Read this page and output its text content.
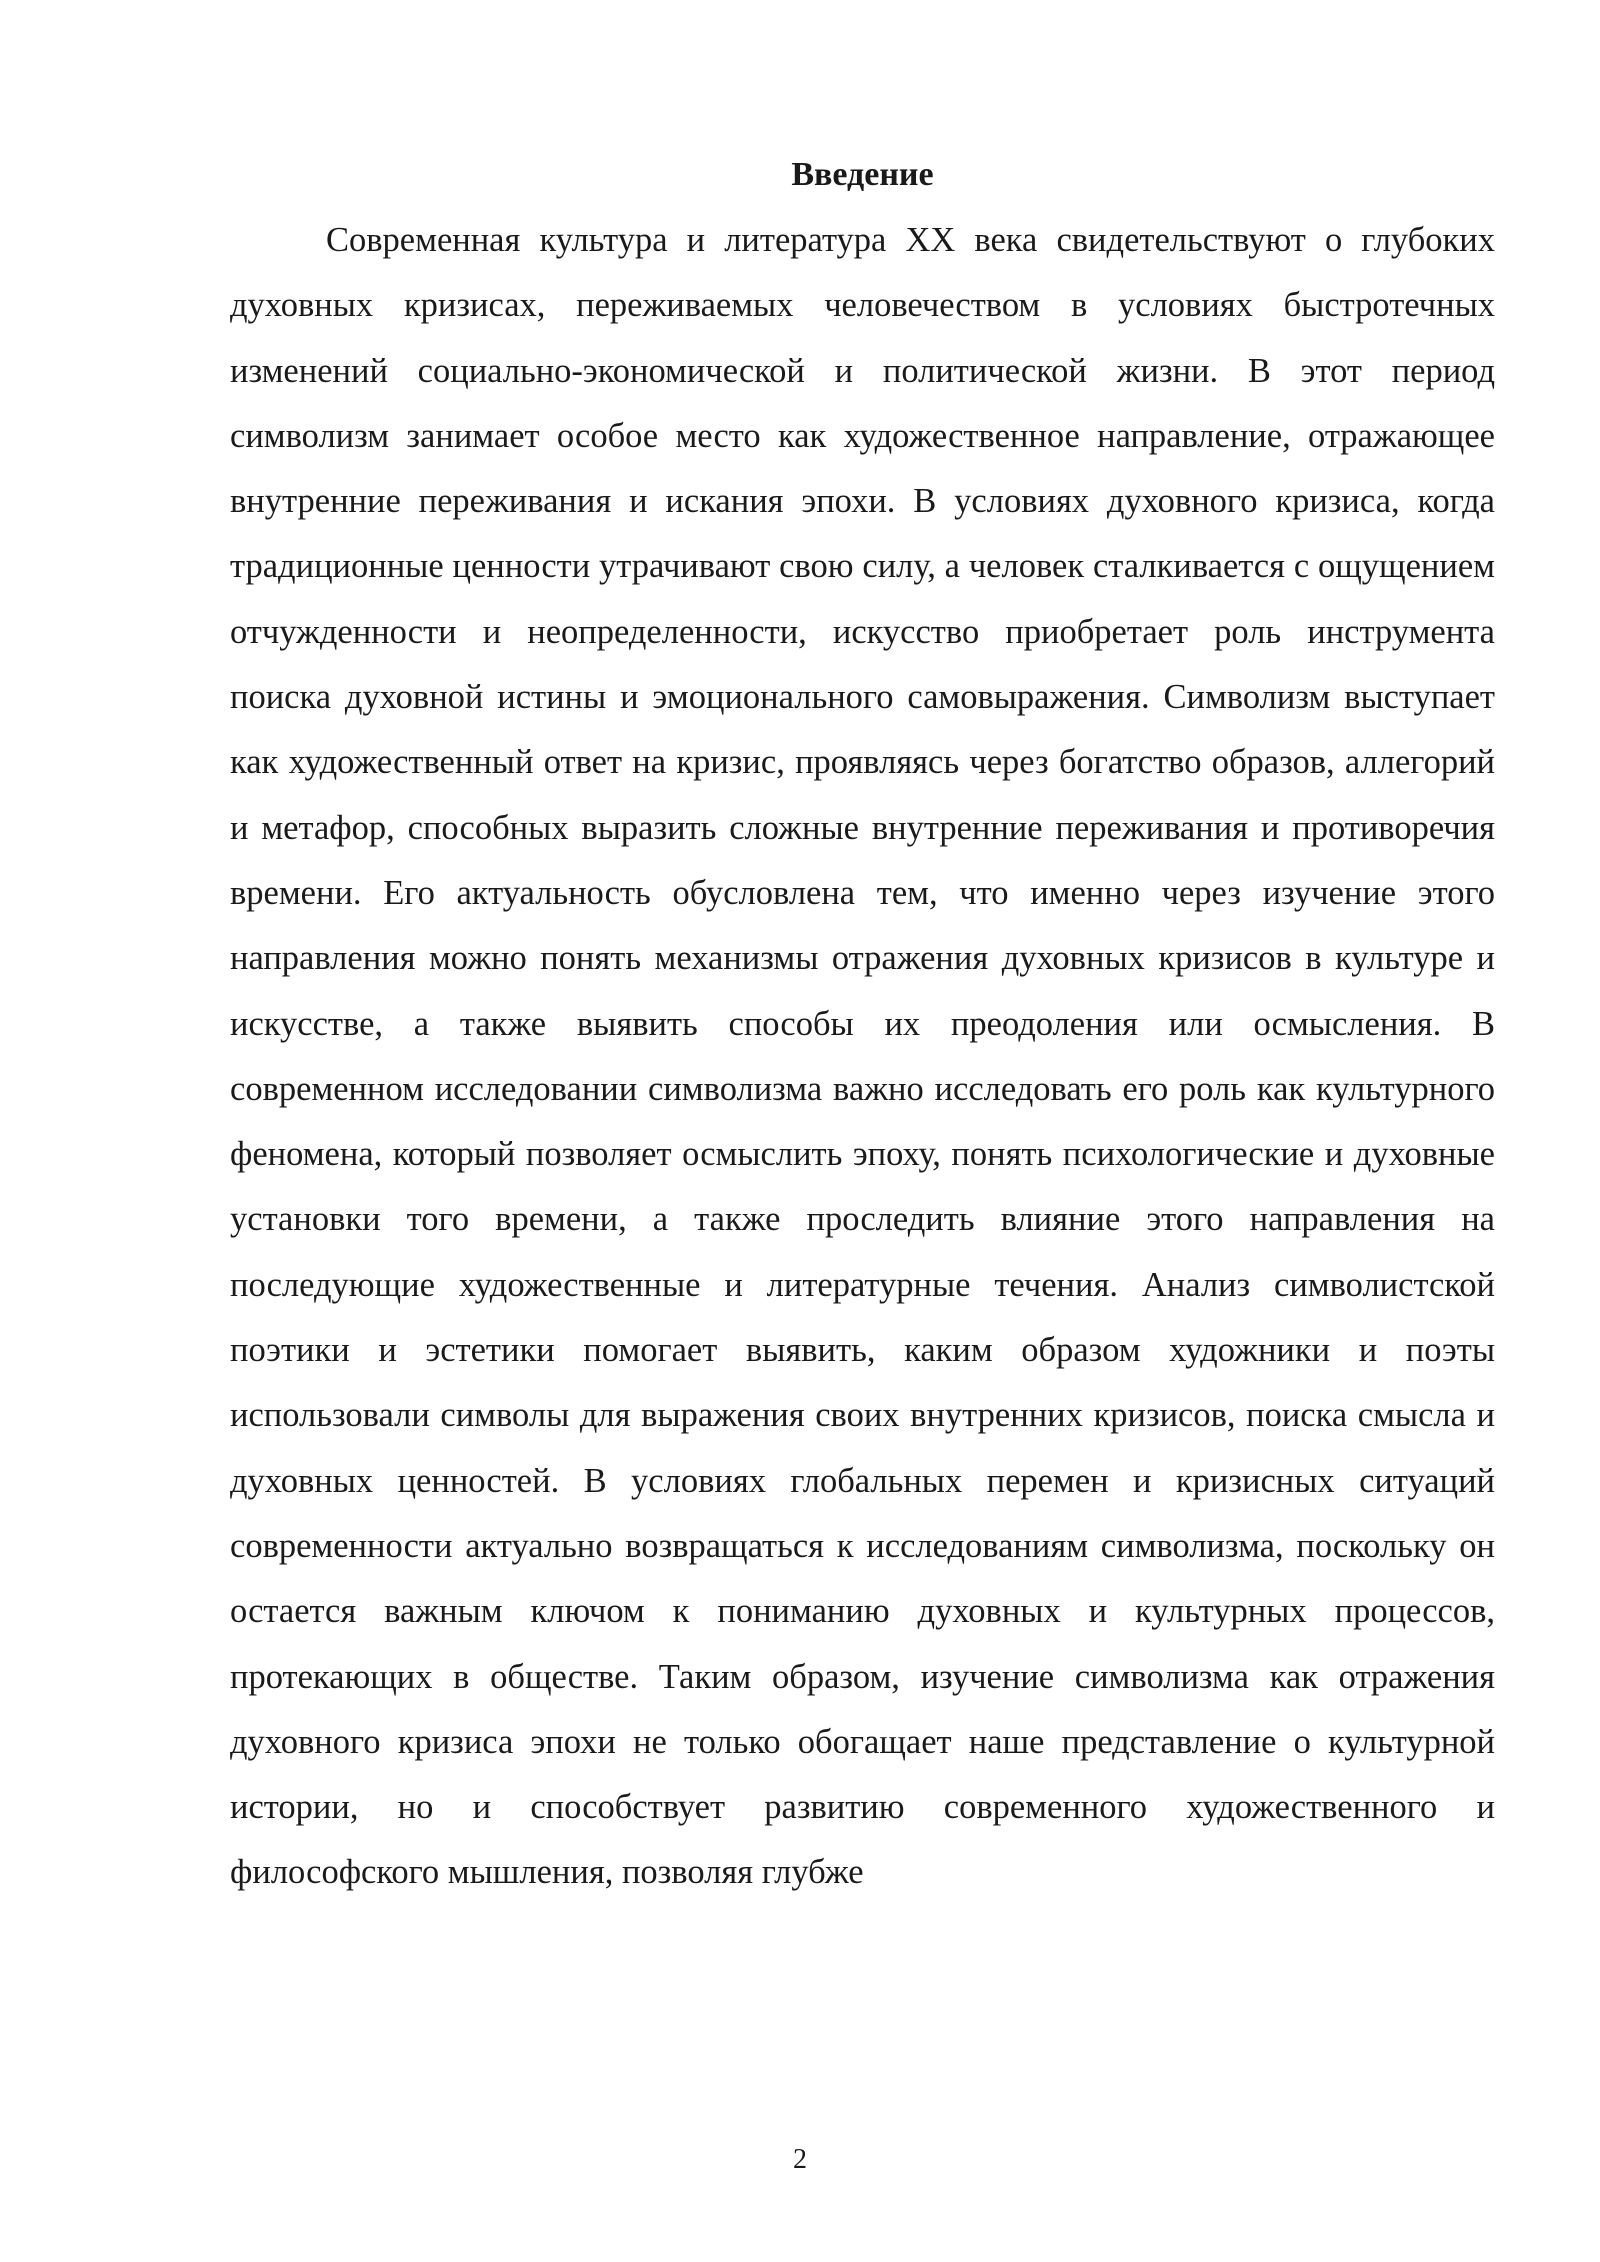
Введение

Современная культура и литература XX века свидетельствуют о глубоких духовных кризисах, переживаемых человечеством в условиях быстротечных изменений социально-экономической и политической жизни. В этот период символизм занимает особое место как художественное направление, отражающее внутренние переживания и искания эпохи. В условиях духовного кризиса, когда традиционные ценности утрачивают свою силу, а человек сталкивается с ощущением отчужденности и неопределенности, искусство приобретает роль инструмента поиска духовной истины и эмоционального самовыражения. Символизм выступает как художественный ответ на кризис, проявляясь через богатство образов, аллегорий и метафор, способных выразить сложные внутренние переживания и противоречия времени. Его актуальность обусловлена тем, что именно через изучение этого направления можно понять механизмы отражения духовных кризисов в культуре и искусстве, а также выявить способы их преодоления или осмысления. В современном исследовании символизма важно исследовать его роль как культурного феномена, который позволяет осмыслить эпоху, понять психологические и духовные установки того времени, а также проследить влияние этого направления на последующие художественные и литературные течения. Анализ символистской поэтики и эстетики помогает выявить, каким образом художники и поэты использовали символы для выражения своих внутренних кризисов, поиска смысла и духовных ценностей. В условиях глобальных перемен и кризисных ситуаций современности актуально возвращаться к исследованиям символизма, поскольку он остается важным ключом к пониманию духовных и культурных процессов, протекающих в обществе. Таким образом, изучение символизма как отражения духовного кризиса эпохи не только обогащает наше представление о культурной истории, но и способствует развитию современного художественного и философского мышления, позволяя глубже

2
